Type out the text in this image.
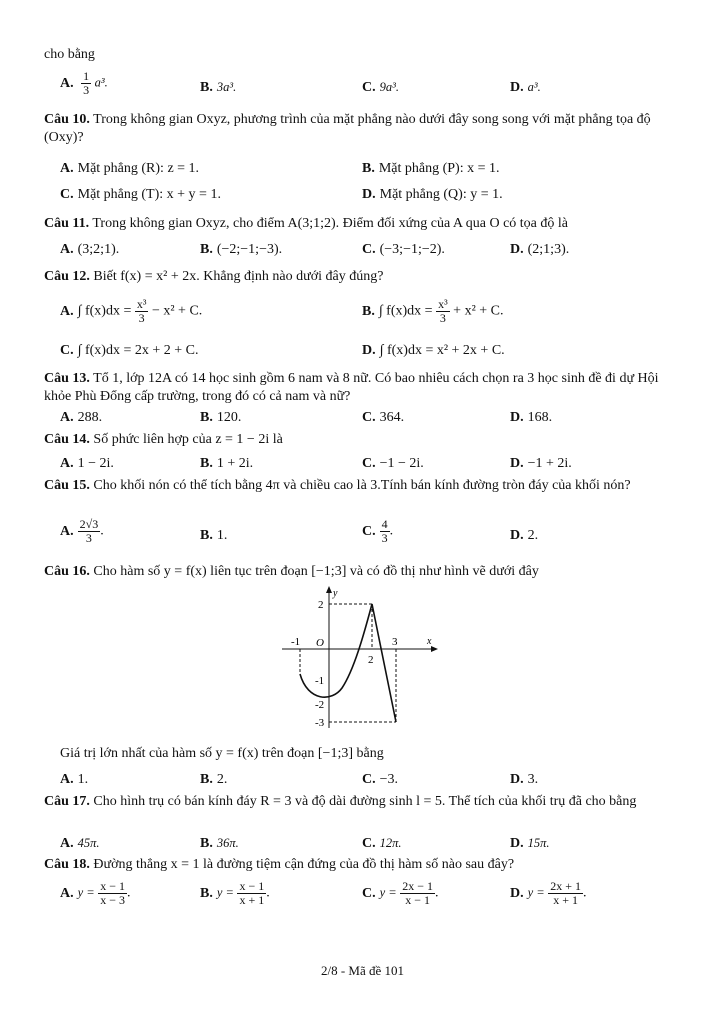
cho bằng
A. $\frac{1}{3} a^3$.	B. 3a³.	C. 9a³.	D. a³.
Câu 10. Trong không gian Oxyz, phương trình của mặt phẳng nào dưới đây song song với mặt phẳng tọa độ (Oxy)?
A. Mặt phẳng (R): z = 1.	B. Mặt phẳng (P): x = 1.
C. Mặt phẳng (T): x + y = 1.	D. Mặt phẳng (Q): y = 1.
Câu 11. Trong không gian Oxyz, cho điểm A(3;1;2). Điểm đối xứng của A qua O có tọa độ là
A. (3;2;1).	B. (−2;−1;−3).	C. (−3;−1;−2).	D. (2;1;3).
Câu 12. Biết f(x) = x² + 2x. Khẳng định nào dưới đây đúng?
A. ∫ $f(x)dx = \frac{\text{x³}}{3} - x^2 + C$.	B. ∫ $f(x)dx = \frac{\text{x³}}{3} + x^2 + C$.
C. ∫ f(x)dx = 2x + 2 + C.	D. ∫ f(x)dx = x² + 2x + C.
Câu 13. Tổ 1, lớp 12A có 14 học sinh gồm 6 nam và 8 nữ. Có bao nhiêu cách chọn ra 3 học sinh đề đi dự Hội khỏe Phù Đổng cấp trường, trong đó có cả nam và nữ?
A. 288.	B. 120.	C. 364.	D. 168.
Câu 14. Số phức liên hợp của z = 1 − 2i là
A. 1 − 2i.	B. 1 + 2i.	C. −1 − 2i.	D. −1 + 2i.
Câu 15. Cho khối nón có thể tích bằng 4π và chiều cao là 3.Tính bán kính đường tròn đáy của khối nón?
A. $\frac{2√3}{3}$ .	B. 1.	C. $\frac{4}{3}$ .	D. 2.
Câu 16. Cho hàm số y = f(x) liên tục trên đoạn [−1;3] và có đồ thị như hình vẽ dưới đây
y
x
O
2
-1	3
2
-1
-2
-3
Giá trị lớn nhất của hàm số y = f(x) trên đoạn [−1;3] bằng
A. 1.	B. 2.	C. −3.	D. 3.
Câu 17. Cho hình trụ có bán kính đáy R = 3 và độ dài đường sinh l = 5. Thể tích của khối trụ đã cho bằng
A. 45π.	B. 36π.	C. 12π.	D. 15π.
Câu 18. Đường thẳng x = 1 là đường tiệm cận đứng của đồ thị hàm số nào sau đây?
A. $y = \frac{x - 1}{x - 3}$ .	B. $y = \frac{x - 1}{x + 1}$ .	C. $y = \frac{2x - 1}{x - 1}$ .	D. $y = \frac{2x + 1}{x + 1}$ .
2/8 - Mã đề 101
